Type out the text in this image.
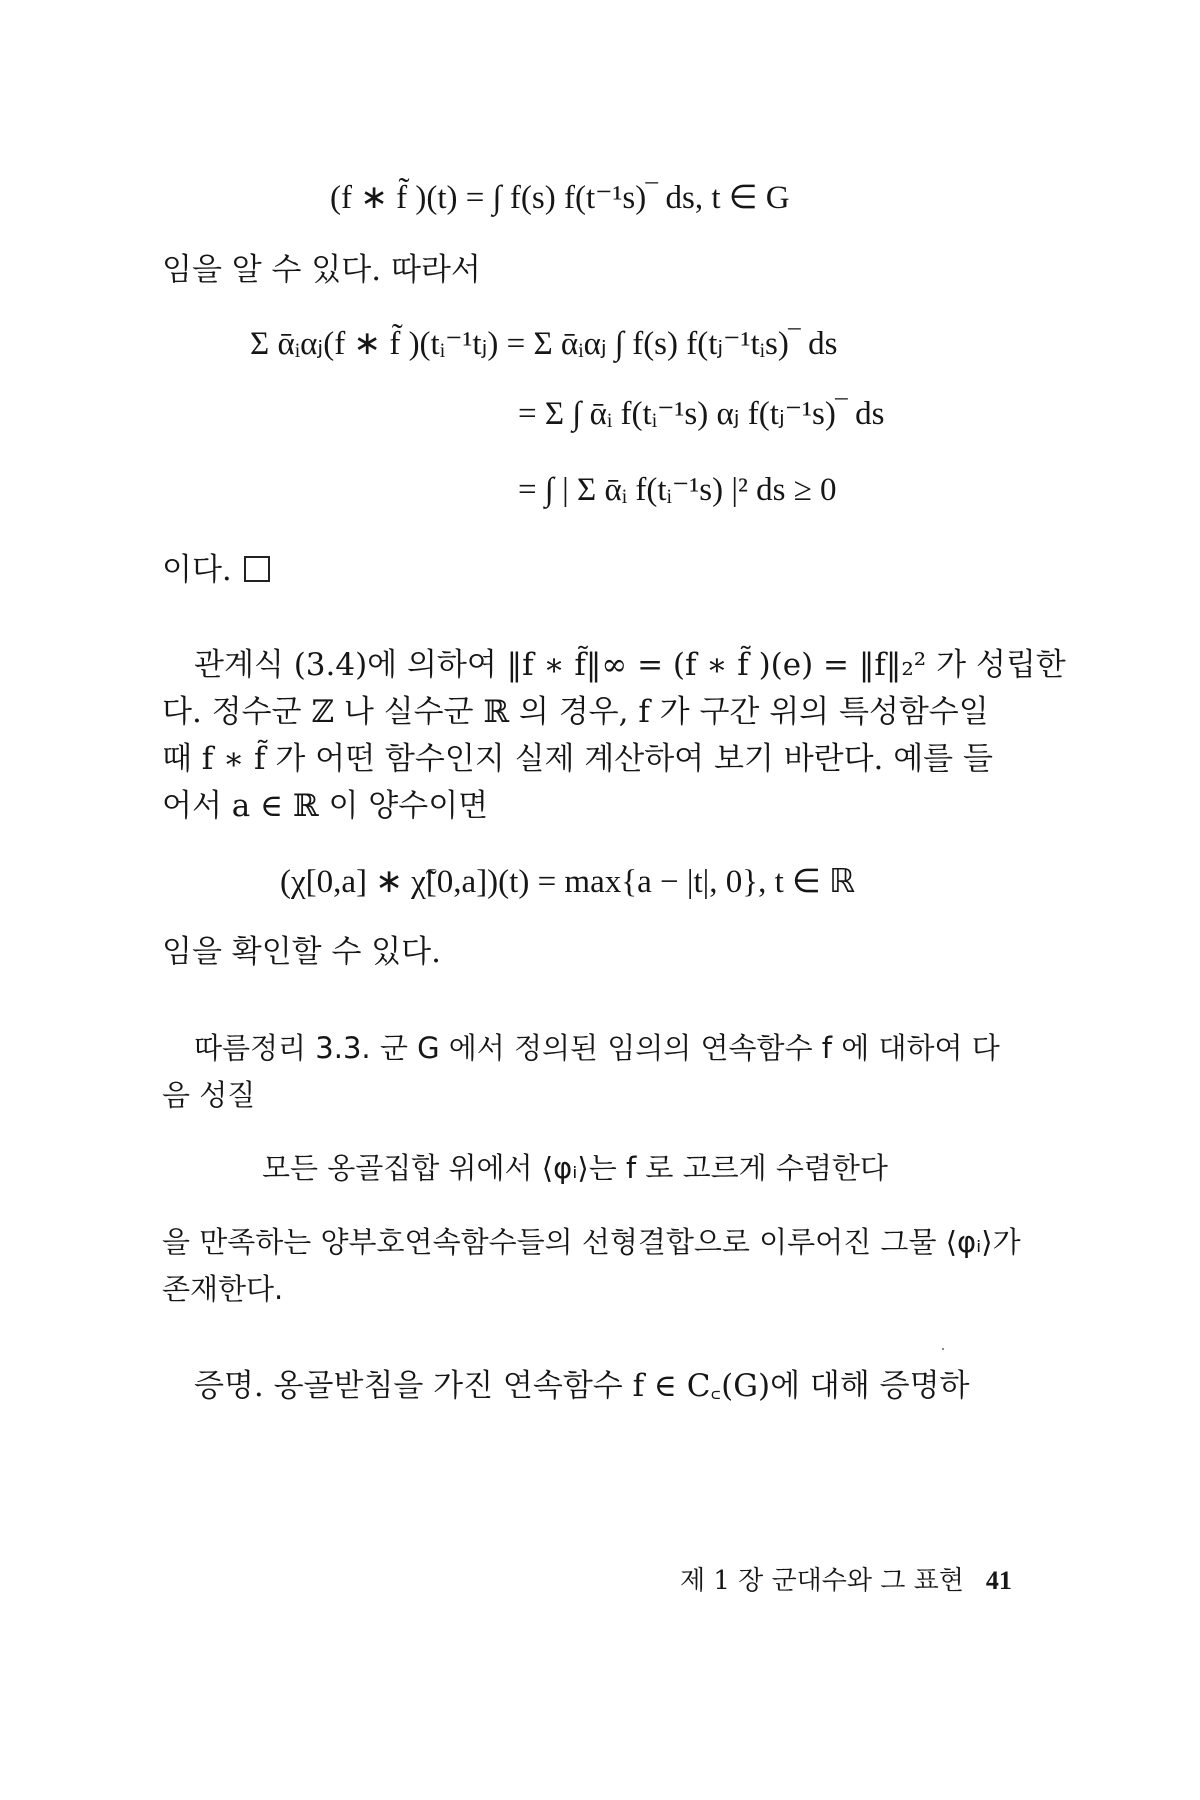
(f ∗ f̃ )(t) = ∫ f(s) f(t⁻¹s)‾ ds, t ∈ G
임을 알 수 있다. 따라서
Σ ᾱᵢαⱼ(f ∗ f̃ )(tᵢ⁻¹tⱼ) = Σ ᾱᵢαⱼ ∫ f(s) f(tⱼ⁻¹tᵢs)‾ ds
= Σ ∫ ᾱᵢ f(tᵢ⁻¹s) αⱼ f(tⱼ⁻¹s)‾ ds
= ∫ | Σ ᾱᵢ f(tᵢ⁻¹s) |² ds ≥ 0
이다.
관계식 (3.4)에 의하여 ‖f ∗ f̃‖∞ = (f ∗ f̃ )(e) = ‖f‖₂² 가 성립한
다. 정수군 ℤ 나 실수군 ℝ 의 경우, f 가 구간 위의 특성함수일
때 f ∗ f̃ 가 어떤 함수인지 실제 계산하여 보기 바란다. 예를 들
어서 a ∈ ℝ 이 양수이면
(χ[0,a] ∗ χ̃[0,a])(t) = max{a − |t|, 0}, t ∈ ℝ
임을 확인할 수 있다.
따름정리 3.3. 군 G 에서 정의된 임의의 연속함수 f 에 대하여 다
음 성질
모든 옹골집합 위에서 ⟨φᵢ⟩는 f 로 고르게 수렴한다
을 만족하는 양부호연속함수들의 선형결합으로 이루어진 그물 ⟨φᵢ⟩가
존재한다.
증명. 옹골받침을 가진 연속함수 f ∈ C꜀(G)에 대해 증명하
제 1 장 군대수와 그 표현 41
